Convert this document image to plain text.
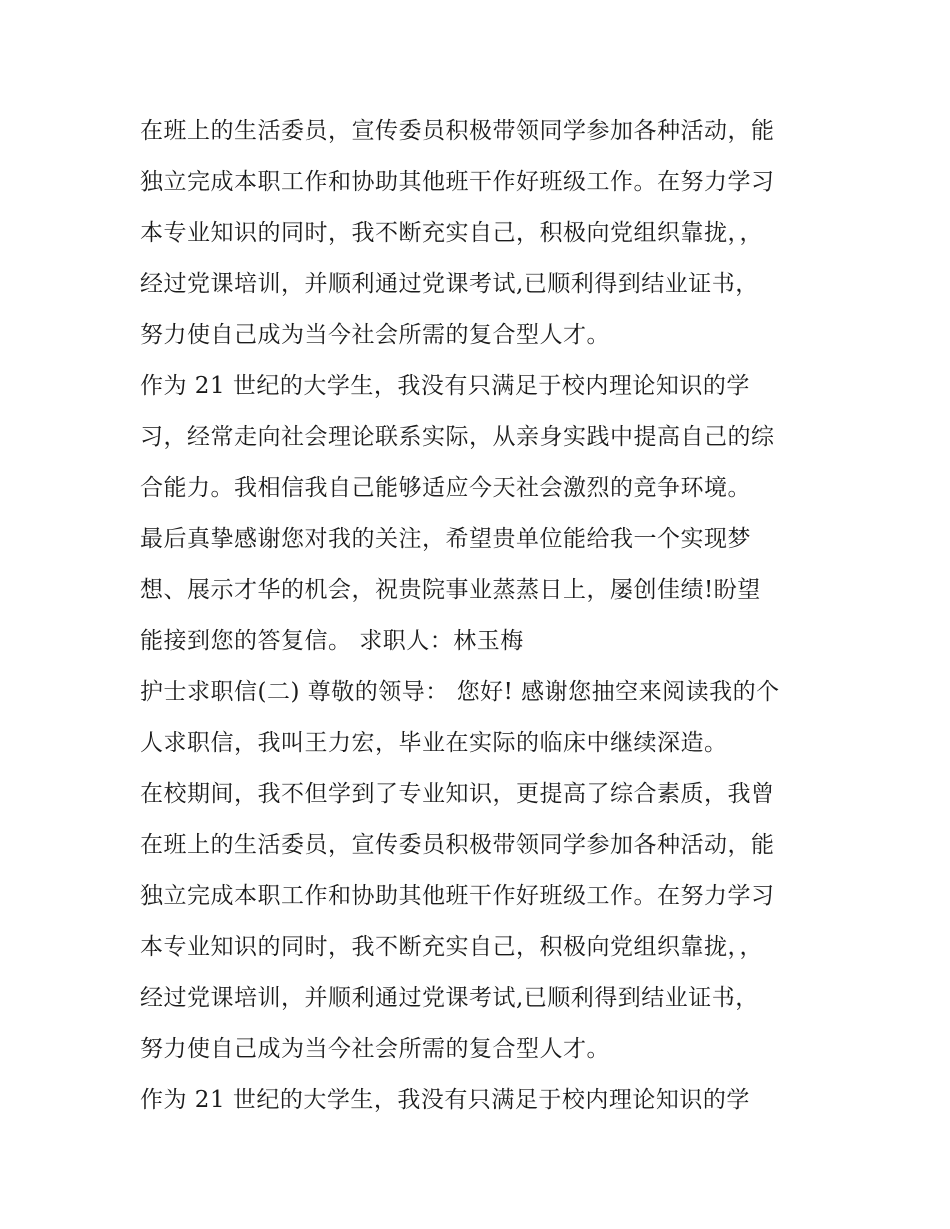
在班上的生活委员，宣传委员积极带领同学参加各种活动，能
独立完成本职工作和协助其他班干作好班级工作。在努力学习
本专业知识的同时，我不断充实自己，积极向党组织靠拢，，
经过党课培训，并顺利通过党课考试,已顺利得到结业证书，
努力使自己成为当今社会所需的复合型人才。
作为 21 世纪的大学生，我没有只满足于校内理论知识的学
习，经常走向社会理论联系实际，从亲身实践中提高自己的综
合能力。我相信我自己能够适应今天社会激烈的竞争环境。
最后真挚感谢您对我的关注，希望贵单位能给我一个实现梦
想、展示才华的机会，祝贵院事业蒸蒸日上，屡创佳绩!盼望
能接到您的答复信。 求职人：林玉梅
护士求职信(二) 尊敬的领导： 您好! 感谢您抽空来阅读我的个
人求职信，我叫王力宏，毕业在实际的临床中继续深造。
在校期间，我不但学到了专业知识，更提高了综合素质，我曾
在班上的生活委员，宣传委员积极带领同学参加各种活动，能
独立完成本职工作和协助其他班干作好班级工作。在努力学习
本专业知识的同时，我不断充实自己，积极向党组织靠拢，，
经过党课培训，并顺利通过党课考试,已顺利得到结业证书，
努力使自己成为当今社会所需的复合型人才。
作为 21 世纪的大学生，我没有只满足于校内理论知识的学
